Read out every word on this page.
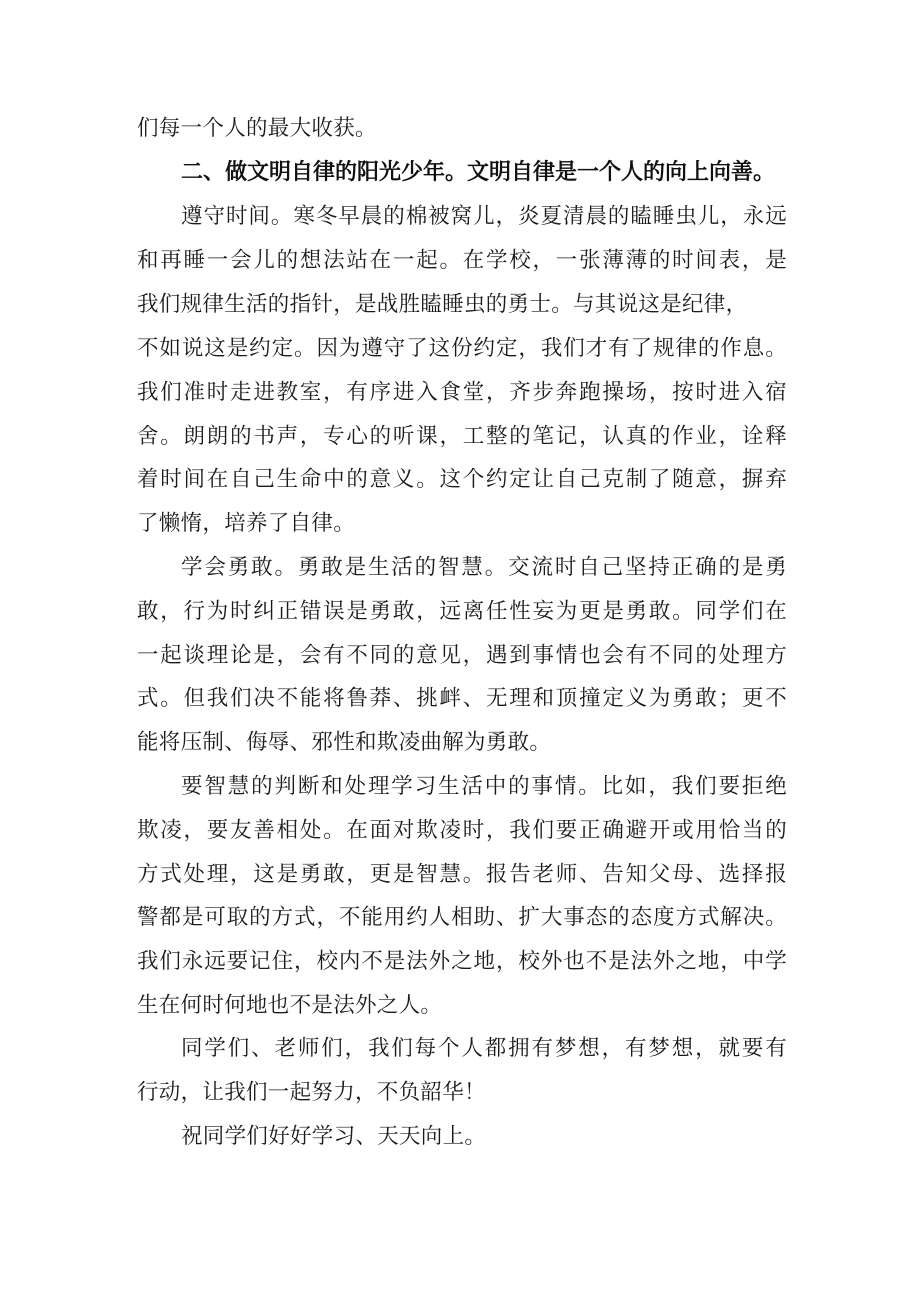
们每一个人的最大收获。

二、做文明自律的阳光少年。文明自律是一个人的向上向善。

遵守时间。寒冬早晨的棉被窝儿，炎夏清晨的瞌睡虫儿，永远

和再睡一会儿的想法站在一起。在学校，一张薄薄的时间表，是

我们规律生活的指针，是战胜瞌睡虫的勇士。与其说这是纪律，

不如说这是约定。因为遵守了这份约定，我们才有了规律的作息。

我们准时走进教室，有序进入食堂，齐步奔跑操场，按时进入宿

舍。朗朗的书声，专心的听课，工整的笔记，认真的作业，诠释

着时间在自己生命中的意义。这个约定让自己克制了随意，摒弃

了懒惰，培养了自律。

学会勇敢。勇敢是生活的智慧。交流时自己坚持正确的是勇

敢，行为时纠正错误是勇敢，远离任性妄为更是勇敢。同学们在

一起谈理论是，会有不同的意见，遇到事情也会有不同的处理方

式。但我们决不能将鲁莽、挑衅、无理和顶撞定义为勇敢；更不

能将压制、侮辱、邪性和欺凌曲解为勇敢。

要智慧的判断和处理学习生活中的事情。比如，我们要拒绝

欺凌，要友善相处。在面对欺凌时，我们要正确避开或用恰当的

方式处理，这是勇敢，更是智慧。报告老师、告知父母、选择报

警都是可取的方式，不能用约人相助、扩大事态的态度方式解决。

我们永远要记住，校内不是法外之地，校外也不是法外之地，中学

生在何时何地也不是法外之人。

同学们、老师们，我们每个人都拥有梦想，有梦想，就要有

行动，让我们一起努力，不负韶华！

祝同学们好好学习、天天向上。
